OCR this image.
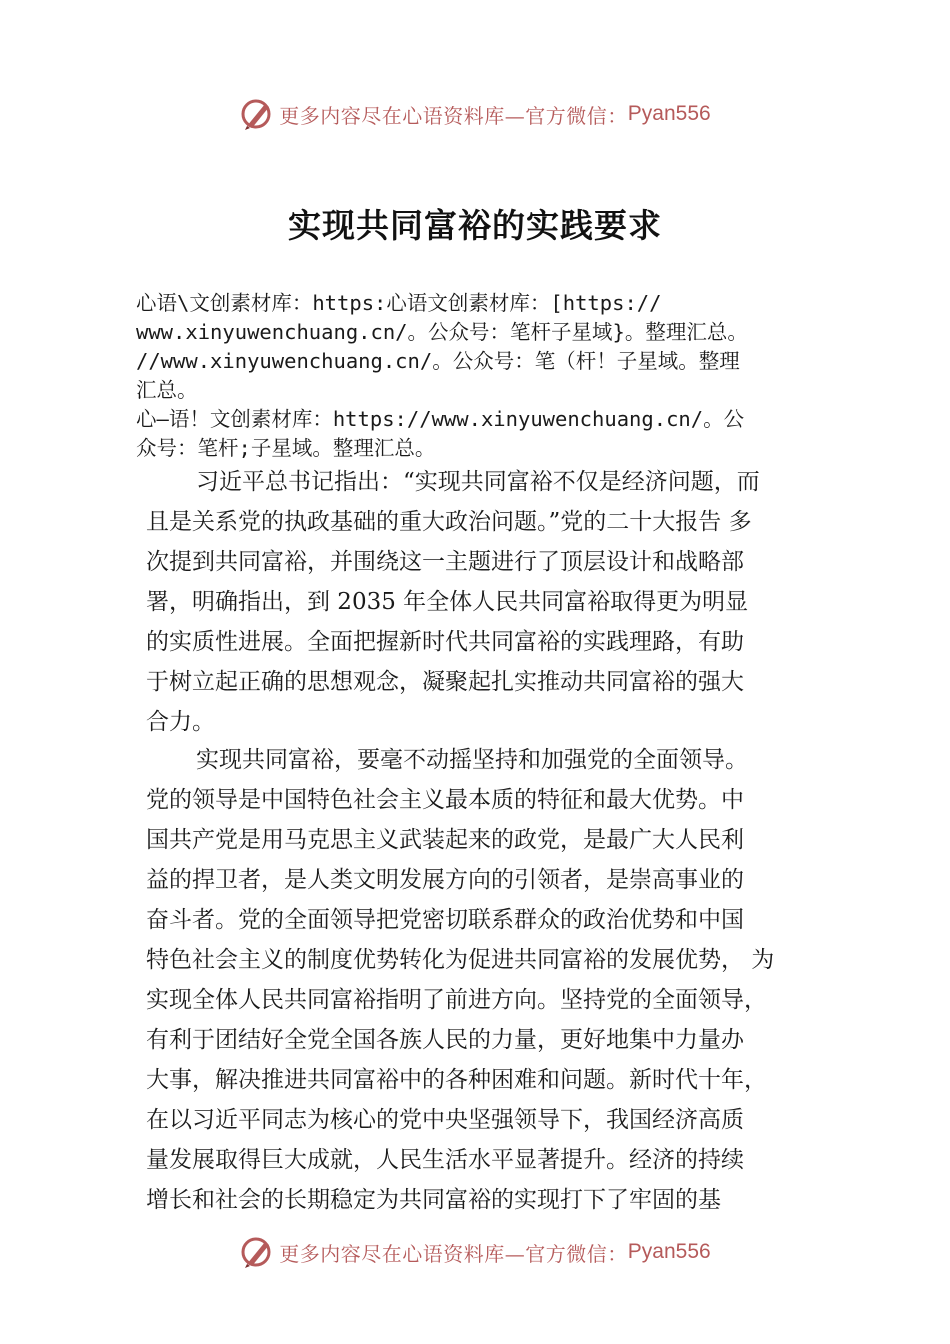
更多内容尽在心语资料库—官方微信： Pyan556
实现共同富裕的实践要求
心语\文创素材库：https:心语文创素材库：[https://
www.xinyuwenchuang.cn/。公众号：笔杆子星域}。整理汇总。
//www.xinyuwenchuang.cn/。公众号：笔（杆！子星域。整理
汇总。
心—语！文创素材库：https://www.xinyuwenchuang.cn/。公
众号：笔杆;子星域。整理汇总。
习近平总书记指出：“实现共同富裕不仅是经济问题，而
且是关系党的执政基础的重大政治问题。”党的二十大报告 多
次提到共同富裕，并围绕这一主题进行了顶层设计和战略部
署，明确指出，到 2035 年全体人民共同富裕取得更为明显
的实质性进展。全面把握新时代共同富裕的实践理路，有助
于树立起正确的思想观念，凝聚起扎实推动共同富裕的强大
合力。
实现共同富裕，要毫不动摇坚持和加强党的全面领导。
党的领导是中国特色社会主义最本质的特征和最大优势。中
国共产党是用马克思主义武装起来的政党，是最广大人民利
益的捍卫者，是人类文明发展方向的引领者，是崇高事业的
奋斗者。党的全面领导把党密切联系群众的政治优势和中国
特色社会主义的制度优势转化为促进共同富裕的发展优势， 为
实现全体人民共同富裕指明了前进方向。坚持党的全面领导，
有利于团结好全党全国各族人民的力量，更好地集中力量办
大事，解决推进共同富裕中的各种困难和问题。新时代十年，
在以习近平同志为核心的党中央坚强领导下，我国经济高质
量发展取得巨大成就，人民生活水平显著提升。经济的持续
增长和社会的长期稳定为共同富裕的实现打下了牢固的基
更多内容尽在心语资料库—官方微信： Pyan556
